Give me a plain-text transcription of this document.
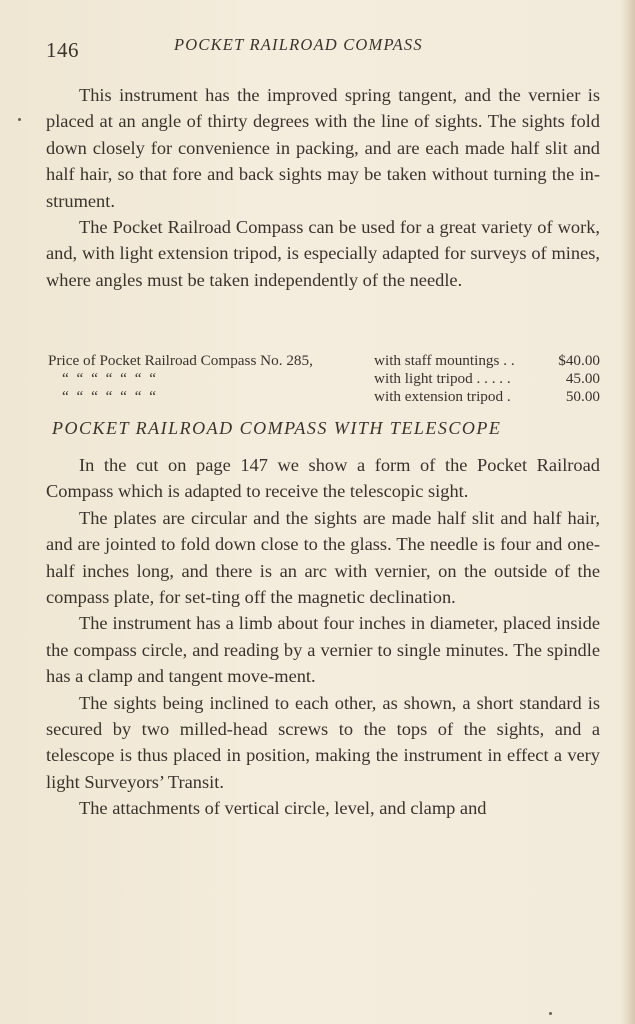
146	POCKET RAILROAD COMPASS

This instrument has the improved spring tangent, and the vernier is placed at an angle of thirty degrees with the line of sights. The sights fold down closely for convenience in packing, and are each made half slit and half hair, so that fore and back sights may be taken without turning the in-strument.

The Pocket Railroad Compass can be used for a great variety of work, and, with light extension tripod, is especially adapted for surveys of mines, where angles must be taken independently of the needle.

Price of Pocket Railroad Compass No. 285,	with staff mountings . .	$40.00
“ “ “ “ “ “ “	with light tripod . . . . .	45.00
“ “ “ “ “ “ “	with extension tripod .	50.00
POCKET RAILROAD COMPASS WITH TELESCOPE

In the cut on page 147 we show a form of the Pocket Railroad Compass which is adapted to receive the telescopic sight.

The plates are circular and the sights are made half slit and half hair, and are jointed to fold down close to the glass. The needle is four and one-half inches long, and there is an arc with vernier, on the outside of the compass plate, for set-ting off the magnetic declination.

The instrument has a limb about four inches in diameter, placed inside the compass circle, and reading by a vernier to single minutes. The spindle has a clamp and tangent move-ment.

The sights being inclined to each other, as shown, a short standard is secured by two milled-head screws to the tops of the sights, and a telescope is thus placed in position, making the instrument in effect a very light Surveyors’ Transit.

The attachments of vertical circle, level, and clamp and
